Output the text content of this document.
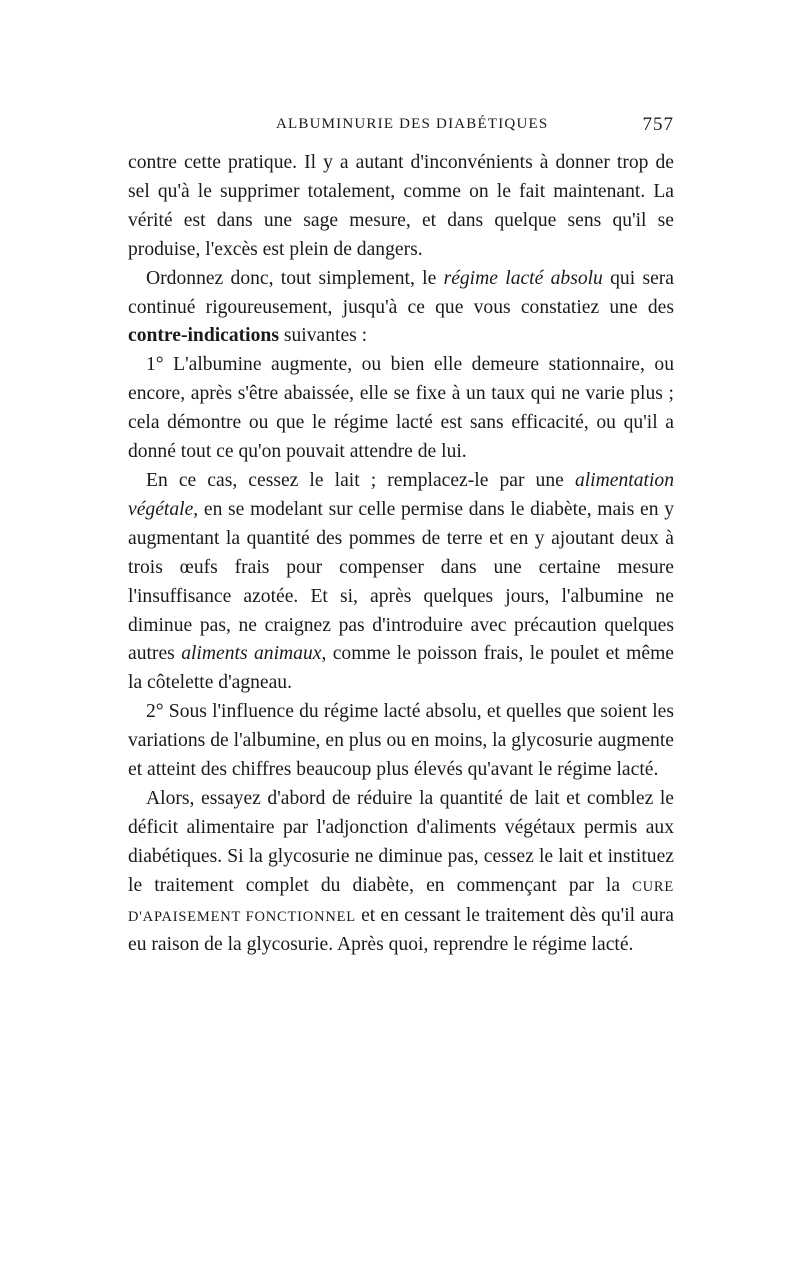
ALBUMINURIE DES DIABÉTIQUES	757

contre cette pratique. Il y a autant d'inconvénients à donner trop de sel qu'à le supprimer totalement, comme on le fait maintenant. La vérité est dans une sage mesure, et dans quelque sens qu'il se produise, l'excès est plein de dangers.

Ordonnez donc, tout simplement, le régime lacté absolu qui sera continué rigoureusement, jusqu'à ce que vous constatiez une des contre-indications suivantes :

1° L'albumine augmente, ou bien elle demeure stationnaire, ou encore, après s'être abaissée, elle se fixe à un taux qui ne varie plus ; cela démontre ou que le régime lacté est sans efficacité, ou qu'il a donné tout ce qu'on pouvait attendre de lui.

En ce cas, cessez le lait ; remplacez-le par une alimentation végétale, en se modelant sur celle permise dans le diabète, mais en y augmentant la quantité des pommes de terre et en y ajoutant deux à trois œufs frais pour compenser dans une certaine mesure l'insuffisance azotée. Et si, après quelques jours, l'albumine ne diminue pas, ne craignez pas d'introduire avec précaution quelques autres aliments animaux, comme le poisson frais, le poulet et même la côtelette d'agneau.

2° Sous l'influence du régime lacté absolu, et quelles que soient les variations de l'albumine, en plus ou en moins, la glycosurie augmente et atteint des chiffres beaucoup plus élevés qu'avant le régime lacté.

Alors, essayez d'abord de réduire la quantité de lait et comblez le déficit alimentaire par l'adjonction d'aliments végétaux permis aux diabétiques. Si la glycosurie ne diminue pas, cessez le lait et instituez le traitement complet du diabète, en commençant par la CURE D'APAISEMENT FONCTIONNEL et en cessant le traitement dès qu'il aura eu raison de la glycosurie. Après quoi, reprendre le régime lacté.
